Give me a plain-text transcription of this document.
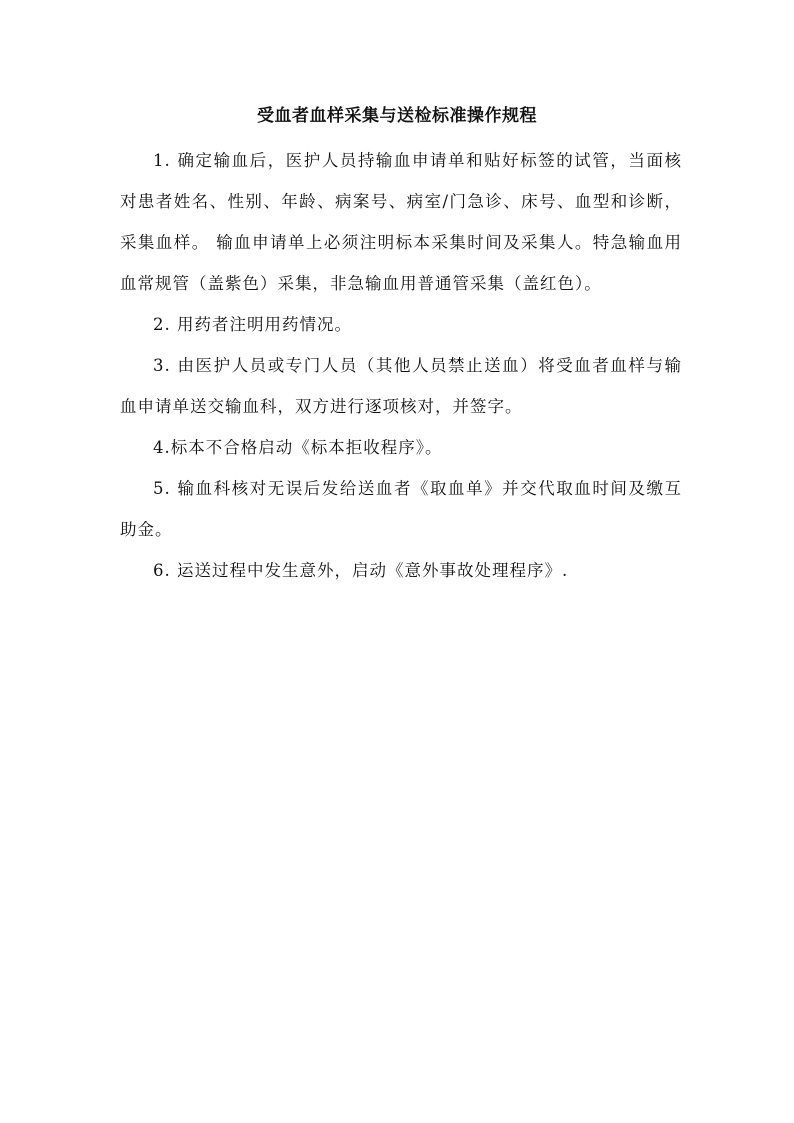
受血者血样采集与送检标准操作规程

1. 确定输血后，医护人员持输血申请单和贴好标签的试管，当面核对患者姓名、性别、年龄、病案号、病室/门急诊、床号、血型和诊断，采集血样。 输血申请单上必须注明标本采集时间及采集人。特急输血用血常规管（盖紫色）采集，非急输血用普通管采集（盖红色）。

2. 用药者注明用药情况。

3. 由医护人员或专门人员（其他人员禁止送血）将受血者血样与输血申请单送交输血科，双方进行逐项核对，并签字。

4.标本不合格启动《标本拒收程序》。

5. 输血科核对无误后发给送血者《取血单》并交代取血时间及缴互助金。

6. 运送过程中发生意外，启动《意外事故处理程序》.
